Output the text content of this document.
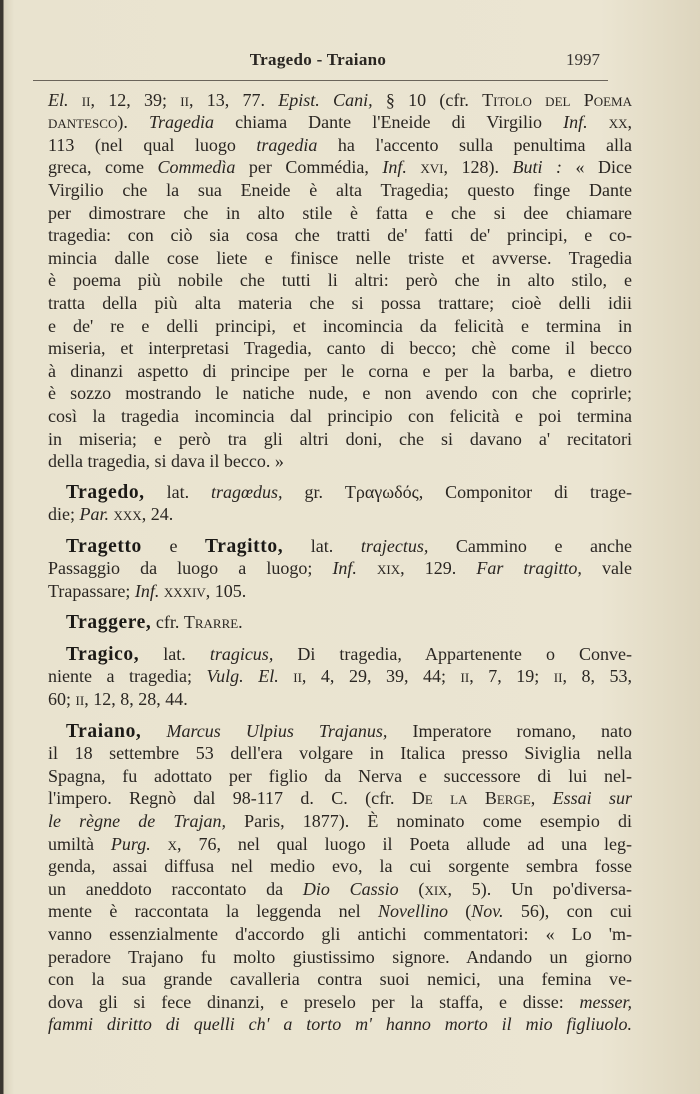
Tragedo - Traiano	1997
El. ii, 12, 39; ii, 13, 77. Epist. Cani, § 10 (cfr. Titolo del Poema
dantesco). Tragedia chiama Dante l'Eneide di Virgilio Inf. xx,
113 (nel qual luogo tragedia ha l'accento sulla penultima alla
greca, come Commedìa per Commédia, Inf. xvi, 128). Buti : « Dice
Virgilio che la sua Eneide è alta Tragedia; questo finge Dante
per dimostrare che in alto stile è fatta e che si dee chiamare
tragedia: con ciò sia cosa che tratti de' fatti de' principi, e co-
mincia dalle cose liete e finisce nelle triste et avverse. Tragedia
è poema più nobile che tutti li altri: però che in alto stilo, e
tratta della più alta materia che si possa trattare; cioè delli idii
e de' re e delli principi, et incomincia da felicità e termina in
miseria, et interpretasi Tragedia, canto di becco; chè come il becco
à dinanzi aspetto di principe per le corna e per la barba, e dietro
è sozzo mostrando le natiche nude, e non avendo con che coprirle;
così la tragedia incomincia dal principio con felicità e poi termina
in miseria; e però tra gli altri doni, che si davano a' recitatori
della tragedia, si dava il becco. »
Tragedo, lat. tragœdus, gr. Τραγωδός, Componitor di trage-
die; Par. xxx, 24.
Tragetto e Tragitto, lat. trajectus, Cammino e anche
Passaggio da luogo a luogo; Inf. xix, 129. Far tragitto, vale
Trapassare; Inf. xxxiv, 105.
Traggere, cfr. Trarre.
Tragico, lat. tragicus, Di tragedia, Appartenente o Conve-
niente a tragedia; Vulg. El. ii, 4, 29, 39, 44; ii, 7, 19; ii, 8, 53,
60; ii, 12, 8, 28, 44.
Traiano, Marcus Ulpius Trajanus, Imperatore romano, nato
il 18 settembre 53 dell'era volgare in Italica presso Siviglia nella
Spagna, fu adottato per figlio da Nerva e successore di lui nel-
l'impero. Regnò dal 98-117 d. C. (cfr. De la Berge, Essai sur
le règne de Trajan, Paris, 1877). È nominato come esempio di
umiltà Purg. x, 76, nel qual luogo il Poeta allude ad una leg-
genda, assai diffusa nel medio evo, la cui sorgente sembra fosse
un aneddoto raccontato da Dio Cassio (xix, 5). Un po'diversa-
mente è raccontata la leggenda nel Novellino (Nov. 56), con cui
vanno essenzialmente d'accordo gli antichi commentatori: « Lo 'm-
peradore Trajano fu molto giustissimo signore. Andando un giorno
con la sua grande cavalleria contra suoi nemici, una femina ve-
dova gli si fece dinanzi, e preselo per la staffa, e disse: messer,
fammi diritto di quelli ch' a torto m' hanno morto il mio figliuolo.
